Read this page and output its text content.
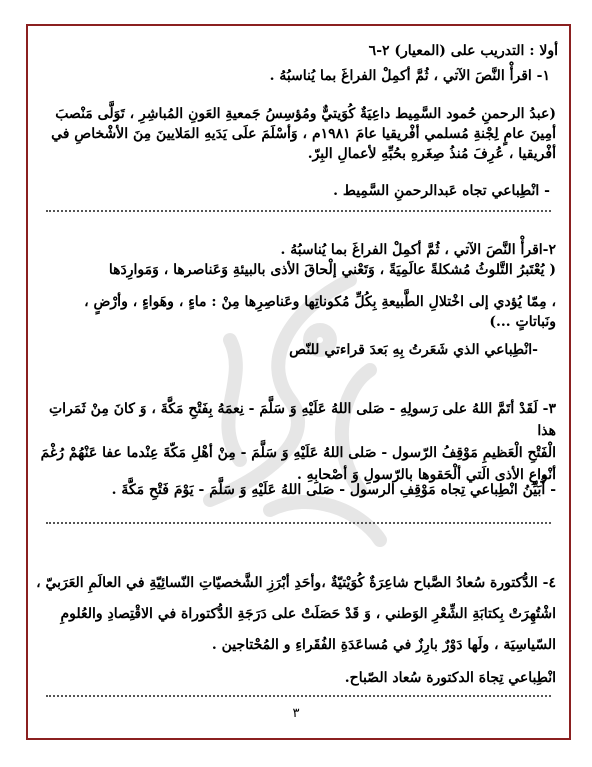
أولا : التدريب على (المعيار) ٢-٦

١- اقرأْ النَّصَ الآتي ، ثُمَّ أكمِلْ الفراغَ بما يُناسبُهُ .

(عبدُ الرحمنِ حُمود السَّمِيط داعِيَةٌ كُوَيتيٌّ ومُؤسِسُ جَمعيةِ العَونِ المُباشِرِ ، تَوَلَّى مَنْصبَ

أمِينَ عامٍ لِجْنةِ مُسلمي أفْريقيا عامَ ١٩٨١م ، وَأسْلَمَ علَى يَدَيهِ المَلايينَ مِنَ الأشْخاصِ في

أفْريقيا ، عُرِفَ مُنذُ صِغَرهِ بحُبِّهِ لأعمالِ البِرّ.

- انْطِباعي تجاه عَبدالرحمنِ السَّمِيط .

٢-اقرأْ النَّصَ الآتي ، ثُمَّ أكمِلْ الفراغَ بما يُناسبُهُ .

( يُعْتَبرُ التَّلوثُ مُشكلةً عالَمِيَةً ، وَتَعْني إلْحاقَ الأذى بالبيئةِ وَعَناصرها ، وَمَوارِدَها

، مِمّا يُؤدي إلى اخْتلالِ الطَّبيعةِ بِكُلِّ مُكوناتِها وعَناصِرِها مِنْ : ماءٍ ، وهَواءٍ ، وأرْضٍ ،

ونَباتاتٍ ...)

-انْطِباعي الذي شَعَرتُ بِهِ بَعدَ قراءتي للنّص

٣- لَقَدْ أتَمَّ اللهُ على رَسولِهِ - صَلى اللهُ عَلَيْهِ وَ سَلَّمَ - نِعمَهُ بِفَتْحِ مَكَّةَ ، وَ كانَ مِنْ ثَمَراتِ هذا

الْفَتْحِ الْعَظيمِ مَوْقِفُ الرّسول - صَلى اللهُ عَلَيْهِ وَ سَلَّمَ - مِنْ أهْلِ مَكّةَ عِنْدما عفا عَنْهُمْ رُغْمَ

أنْواعِ الأذى الَتي ألْحَقوها بالرّسولِ وَ أصْحابِهِ .

- أُبَيِّنُ انْطِباعي تِجاه مَوْقِفِ الرسول - صَلى اللهُ عَلَيْهِ وَ سَلَّمَ - يَوْمَ فَتْحِ مَكَّةَ .

٤- الدُّكتورة سُعادُ الصَّباح شاعِرَةٌ كُوَيْتيّةٌ ،وأحَدِ أبْرَزِ الشَّخصيّاتِ النّسائِيّةِ في العالَمِ العَرَبيّ ،

اشْتُهِرَتْ بِكتابَةِ الشِّعْرِ الوَطني ، وَ قَدْ حَصَلَتْ على دَرَجَةِ الدُّكتوراة في الاقْتِصادِ والعُلومِ

السّياسِيَة ، ولَها دَوْرٌ بارِزٌ في مُساعَدَةِ الفُقَراءِ و المُحْتاجين .

انْطِباعي تِجاهَ الدكتورة سُعاد الصّباح.

٣
